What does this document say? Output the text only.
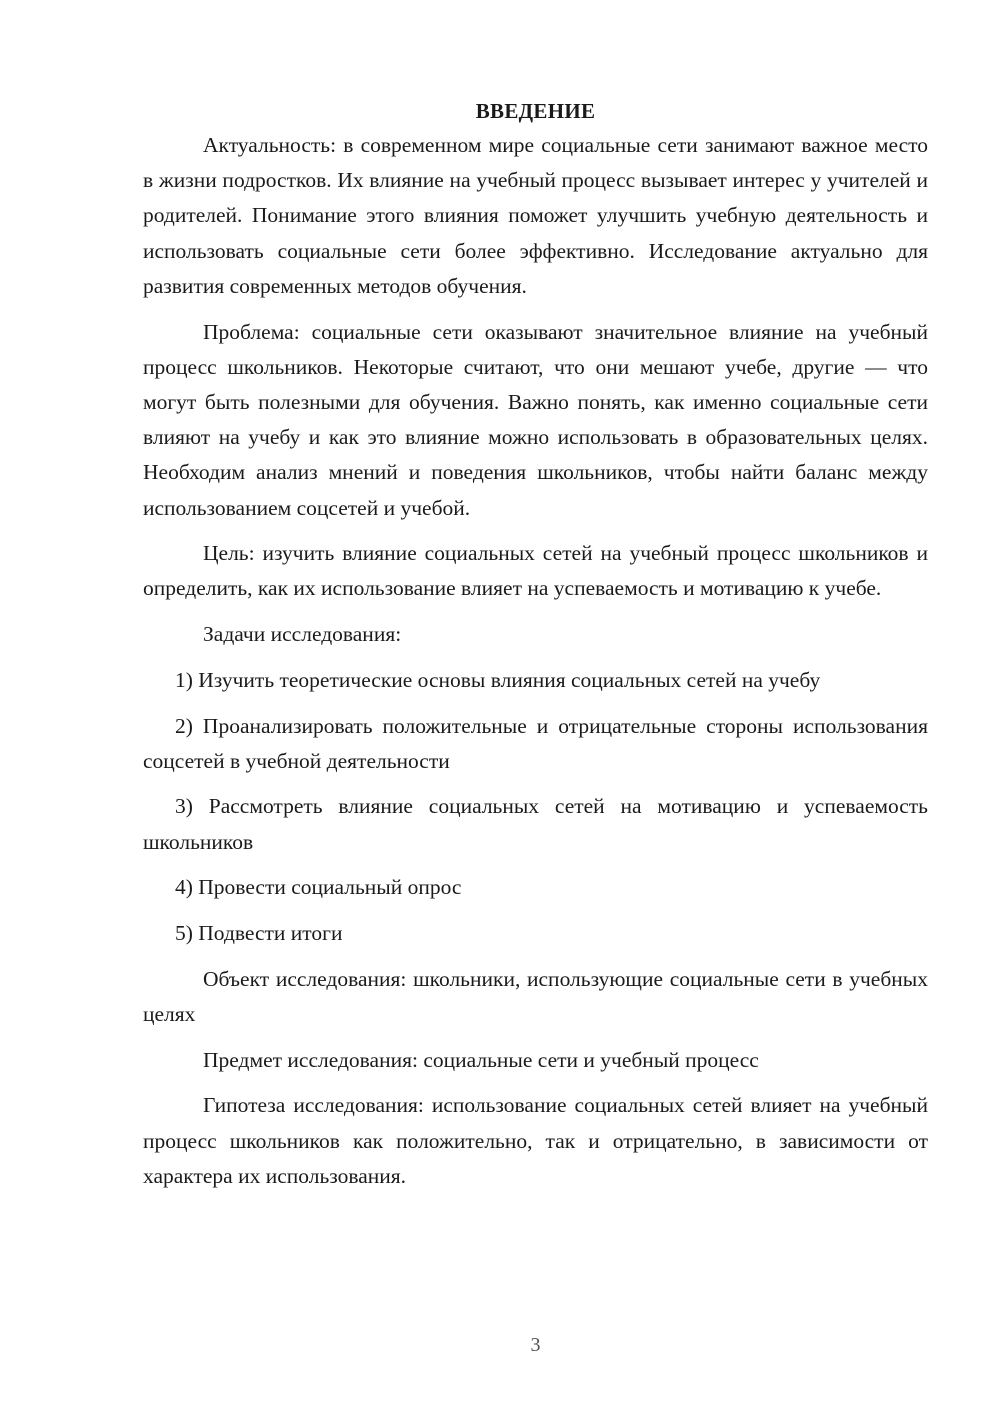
ВВЕДЕНИЕ

Актуальность: в современном мире социальные сети занимают важное место в жизни подростков. Их влияние на учебный процесс вызывает интерес у учителей и родителей. Понимание этого влияния поможет улучшить учебную деятельность и использовать социальные сети более эффективно. Исследование актуально для развития современных методов обучения.

Проблема: социальные сети оказывают значительное влияние на учебный процесс школьников. Некоторые считают, что они мешают учебе, другие — что могут быть полезными для обучения. Важно понять, как именно социальные сети влияют на учебу и как это влияние можно использовать в образовательных целях. Необходим анализ мнений и поведения школьников, чтобы найти баланс между использованием соцсетей и учебой.

Цель: изучить влияние социальных сетей на учебный процесс школьников и определить, как их использование влияет на успеваемость и мотивацию к учебе.

Задачи исследования:

1) Изучить теоретические основы влияния социальных сетей на учебу

2) Проанализировать положительные и отрицательные стороны использования соцсетей в учебной деятельности

3) Рассмотреть влияние социальных сетей на мотивацию и успеваемость школьников

4) Провести социальный опрос

5) Подвести итоги

Объект исследования: школьники, использующие социальные сети в учебных целях

Предмет исследования: социальные сети и учебный процесс

Гипотеза исследования: использование социальных сетей влияет на учебный процесс школьников как положительно, так и отрицательно, в зависимости от характера их использования.

3
